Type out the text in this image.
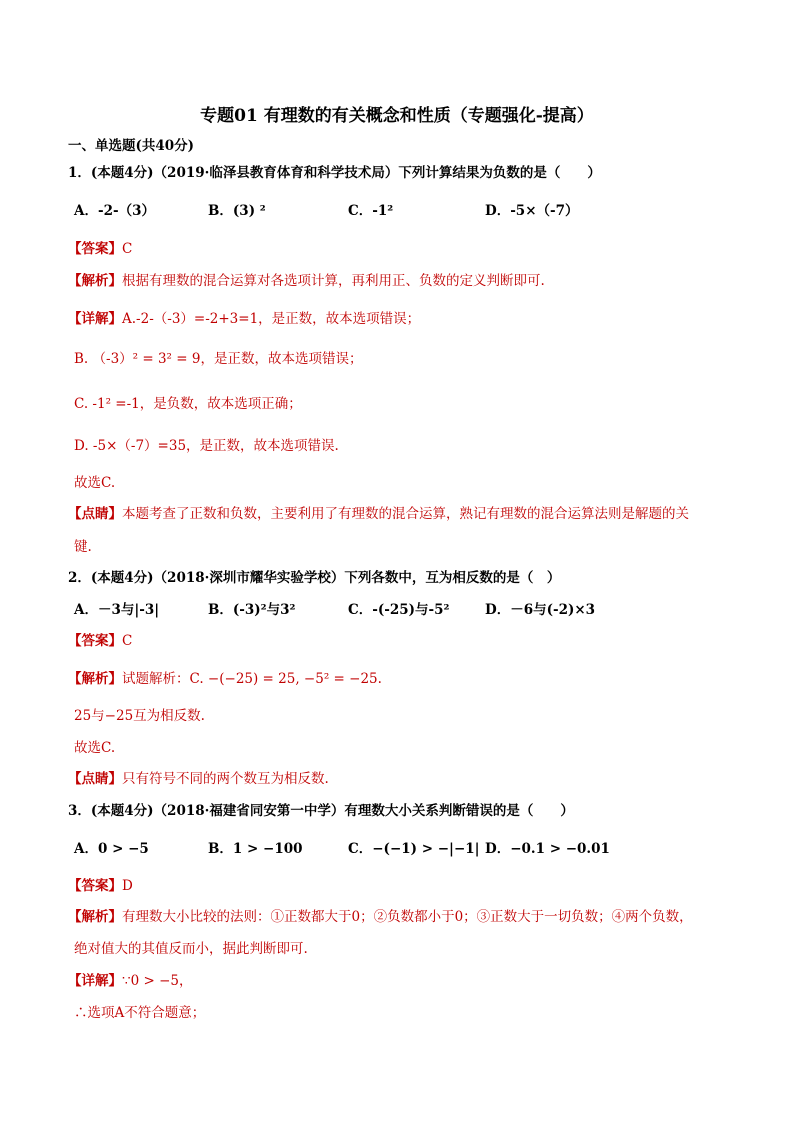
专题01 有理数的有关概念和性质（专题强化-提高）
一、单选题(共40分)
1．(本题4分)（2019·临泽县教育体育和科学技术局）下列计算结果为负数的是（　　）
A．-2-（3）	B．(3) ²	C．-1²	D．-5×（-7）
【答案】C
【解析】根据有理数的混合运算对各选项计算，再利用正、负数的定义判断即可.
【详解】A.-2-（-3）=-2+3=1，是正数，故本选项错误；
B. （-3）² = 3² = 9，是正数，故本选项错误；
C. -1² =-1，是负数，故本选项正确；
D. -5×（-7）=35，是正数，故本选项错误.
故选C.
【点睛】本题考查了正数和负数，主要利用了有理数的混合运算，熟记有理数的混合运算法则是解题的关
键.
2．(本题4分)（2018·深圳市耀华实验学校）下列各数中，互为相反数的是（　）
A．－3与|-3|	B．(-3)²与3²	C．-(-25)与-5²	D．－6与(-2)×3
【答案】C
【解析】试题解析：C. −(−25) = 25, −5² = −25.
25与−25互为相反数.
故选C.
【点睛】只有符号不同的两个数互为相反数.
3．(本题4分)（2018·福建省同安第一中学）有理数大小关系判断错误的是（　　）
A．0 > −5	B．1 > −100	C．−(−1) > −|−1| D．−0.1 > −0.01
【答案】D
【解析】有理数大小比较的法则：①正数都大于0；②负数都小于0；③正数大于一切负数；④两个负数，
绝对值大的其值反而小，据此判断即可.
【详解】∵0 > −5，
∴选项A不符合题意；
